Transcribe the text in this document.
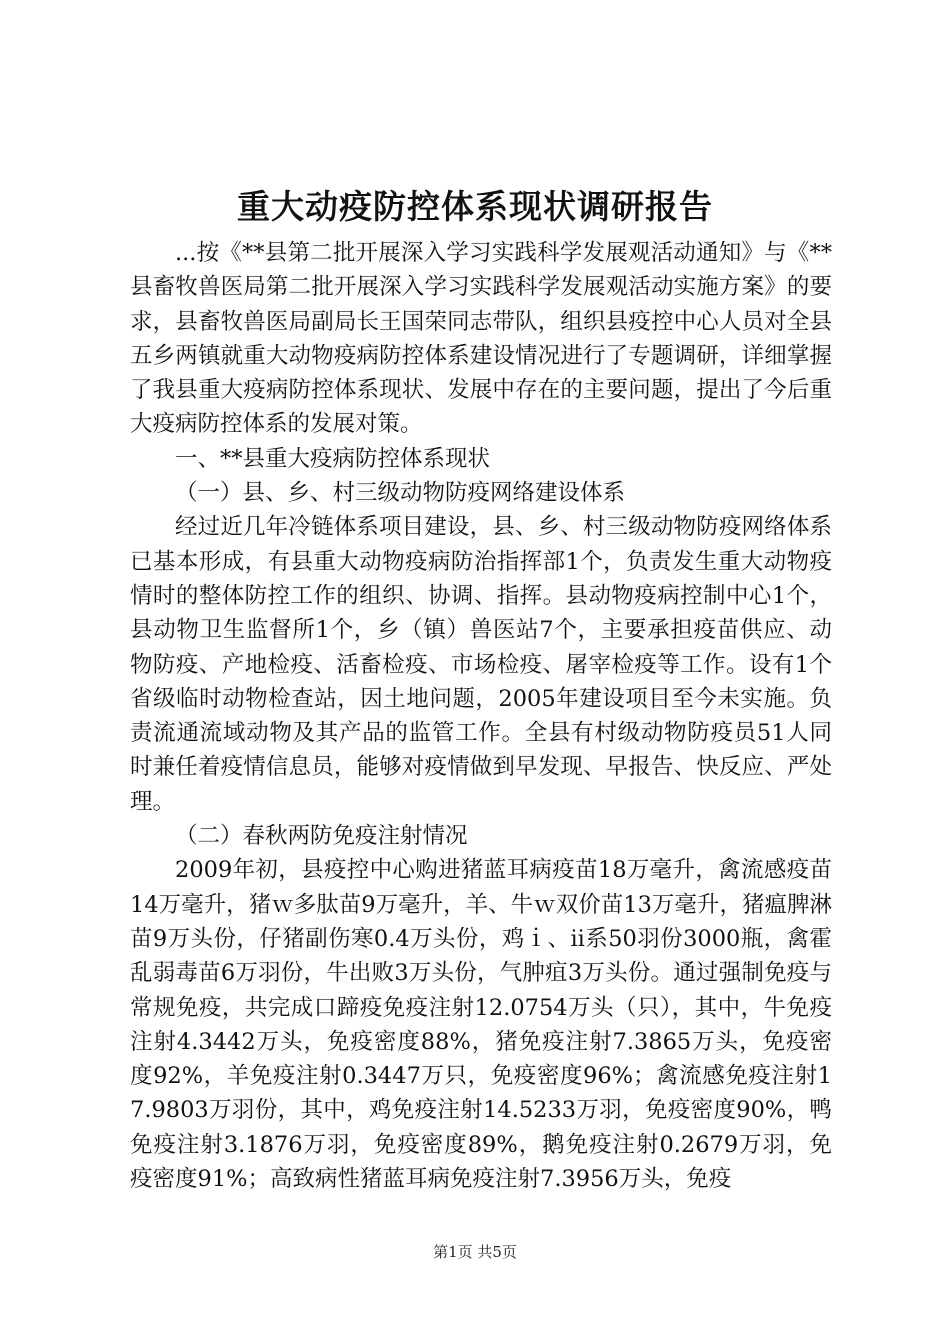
重大动疫防控体系现状调研报告

...按《**县第二批开展深入学习实践科学发展观活动通知》与《**县畜牧兽医局第二批开展深入学习实践科学发展观活动实施方案》的要求，县畜牧兽医局副局长王国荣同志带队，组织县疫控中心人员对全县五乡两镇就重大动物疫病防控体系建设情况进行了专题调研，详细掌握了我县重大疫病防控体系现状、发展中存在的主要问题，提出了今后重大疫病防控体系的发展对策。

一、**县重大疫病防控体系现状

（一）县、乡、村三级动物防疫网络建设体系

经过近几年冷链体系项目建设，县、乡、村三级动物防疫网络体系已基本形成，有县重大动物疫病防治指挥部1个，负责发生重大动物疫情时的整体防控工作的组织、协调、指挥。县动物疫病控制中心1个，县动物卫生监督所1个，乡（镇）兽医站7个，主要承担疫苗供应、动物防疫、产地检疫、活畜检疫、市场检疫、屠宰检疫等工作。设有1个省级临时动物检查站，因土地问题，2005年建设项目至今未实施。负责流通流域动物及其产品的监管工作。全县有村级动物防疫员51人同时兼任着疫情信息员，能够对疫情做到早发现、早报告、快反应、严处理。

（二）春秋两防免疫注射情况

2009年初，县疫控中心购进猪蓝耳病疫苗18万毫升，禽流感疫苗14万毫升，猪ｗ多肽苗9万毫升，羊、牛ｗ双价苗13万毫升，猪瘟脾淋苗9万头份，仔猪副伤寒0.4万头份，鸡ｉ、ii系50羽份3000瓶，禽霍乱弱毒苗6万羽份，牛出败3万头份，气肿疽3万头份。通过强制免疫与常规免疫，共完成口蹄疫免疫注射12.0754万头（只），其中，牛免疫注射4.3442万头，免疫密度88%，猪免疫注射7.3865万头，免疫密度92%，羊免疫注射0.3447万只，免疫密度96%；禽流感免疫注射17.9803万羽份，其中，鸡免疫注射14.5233万羽，免疫密度90%，鸭免疫注射3.1876万羽，免疫密度89%，鹅免疫注射0.2679万羽，免疫密度91%；高致病性猪蓝耳病免疫注射7.3956万头，免疫

第1页 共5页
